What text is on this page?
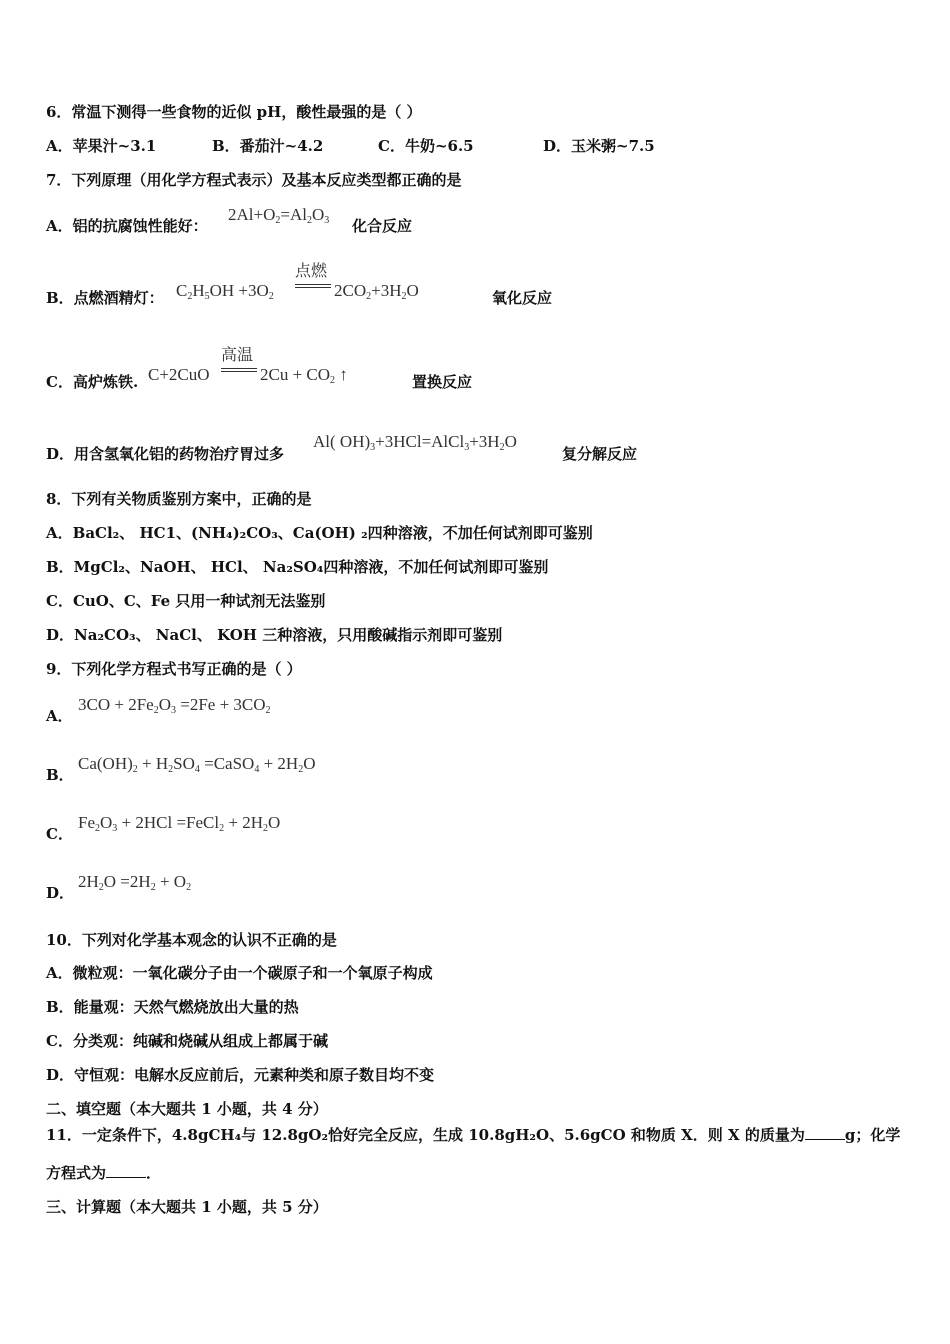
6．常温下测得一些食物的近似 pH，酸性最强的是（ ）
A．苹果汁~3.1	B．番茄汁~4.2	C．牛奶~6.5	D．玉米粥~7.5
7．下列原理（用化学方程式表示）及基本反应类型都正确的是
A．铝的抗腐蚀性能好：
$2Al+O_2=Al_2O_3$ 化合反应
B．点燃酒精灯： $C_2H_5OH +3O_2$
点燃
$2CO_2+3H_2O$	氧化反应
C．高炉炼铁. C+2CuO
高温
$2Cu + CO_2$ ↑	置换反应
D．用含氢氧化铝的药物治疗胃过多
Al( $OH)_3+3HCl=AlCl_3+3H_2O$
复分解反应
8．下列有关物质鉴别方案中，正确的是
A．BaCl₂、 HC1、(NH₄)₂CO₃、Ca(OH) ₂四种溶液，不加任何试剂即可鉴别
B．MgCl₂、NaOH、 HCl、 Na₂SO₄四种溶液，不加任何试剂即可鉴别
C．CuO、C、Fe 只用一种试剂无法鉴别
D．Na₂CO₃、 NaCl、 KOH 三种溶液，只用酸碱指示剂即可鉴别
9．下列化学方程式书写正确的是（ ）
A．
$3CO + 2Fe_2O_3 =2Fe + 3CO_2$
B．
$Ca(OH)_2 + H_2SO_4$ =CaSO$_4$ + $2H_2O$
C．
$Fe_2O_3 + 2HCl$ =FeCl$_2$ + $2H_2O$
D．
$2H_2O =2H_2 + O_2$
10．下列对化学基本观念的认识不正确的是
A．微粒观：一氧化碳分子由一个碳原子和一个氧原子构成
B．能量观：天然气燃烧放出大量的热
C．分类观：纯碱和烧碱从组成上都属于碱
D．守恒观：电解水反应前后，元素种类和原子数目均不变
二、填空题（本大题共 1 小题，共 4 分）
11．一定条件下，4.8gCH₄与 12.8gO₂恰好完全反应，生成 10.8gH₂O、5.6gCO 和物质 X．则 X 的质量为	g；化学
方程式为	．
三、计算题（本大题共 1 小题，共 5 分）
